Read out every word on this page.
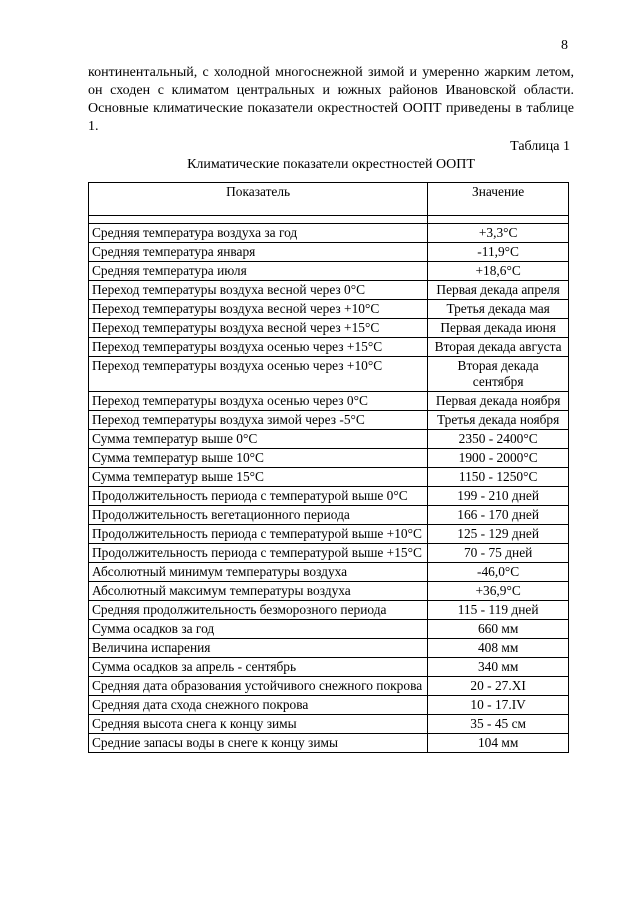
8

континентальный, с холодной многоснежной зимой и умеренно жарким летом, он сходен с климатом центральных и южных районов Ивановской области. Основные климатические показатели окрестностей ООПТ приведены в таблице 1.

Таблица 1
Климатические показатели окрестностей ООПТ
Показатель	Значение

Средняя температура воздуха за год	+3,3°C
Средняя температура января	-11,9°C
Средняя температура июля	+18,6°C
Переход температуры воздуха весной через 0°C	Первая декада апреля
Переход температуры воздуха весной через +10°C	Третья декада мая
Переход температуры воздуха весной через +15°C	Первая декада июня
Переход температуры воздуха осенью через +15°C	Вторая декада августа
Переход температуры воздуха осенью через +10°C	Вторая декада сентября
Переход температуры воздуха осенью через 0°C	Первая декада ноября
Переход температуры воздуха зимой через -5°C	Третья декада ноября
Сумма температур выше 0°C	2350 - 2400°C
Сумма температур выше 10°C	1900 - 2000°C
Сумма температур выше 15°C	1150 - 1250°C
Продолжительность периода с температурой выше 0°C	199 - 210 дней
Продолжительность вегетационного периода	166 - 170 дней
Продолжительность периода с температурой выше +10°C	125 - 129 дней
Продолжительность периода с температурой выше +15°C	70 - 75 дней
Абсолютный минимум температуры воздуха	-46,0°C
Абсолютный максимум температуры воздуха	+36,9°C
Средняя продолжительность безморозного периода	115 - 119 дней
Сумма осадков за год	660 мм
Величина испарения	408 мм
Сумма осадков за апрель - сентябрь	340 мм
Средняя дата образования устойчивого снежного покрова	20 - 27.XI
Средняя дата схода снежного покрова	10 - 17.IV
Средняя высота снега к концу зимы	35 - 45 см
Средние запасы воды в снеге к концу зимы	104 мм
